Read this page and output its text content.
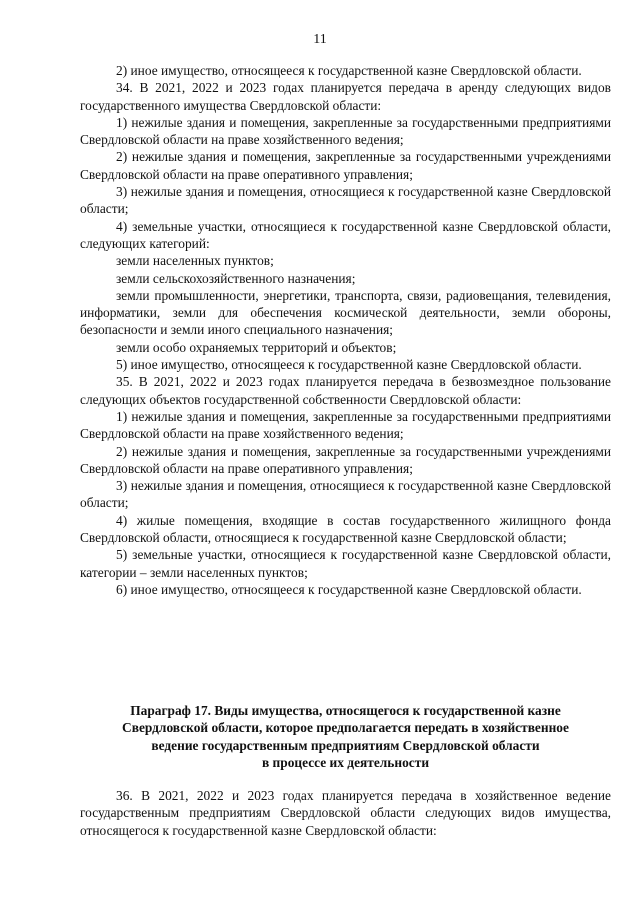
11

2) иное имущество, относящееся к государственной казне Свердловской области.

34. В 2021, 2022 и 2023 годах планируется передача в аренду следующих видов государственного имущества Свердловской области:

1) нежилые здания и помещения, закрепленные за государственными предприятиями Свердловской области на праве хозяйственного ведения;

2) нежилые здания и помещения, закрепленные за государственными учреждениями Свердловской области на праве оперативного управления;

3) нежилые здания и помещения, относящиеся к государственной казне Свердловской области;

4) земельные участки, относящиеся к государственной казне Свердловской области, следующих категорий:

земли населенных пунктов;

земли сельскохозяйственного назначения;

земли промышленности, энергетики, транспорта, связи, радиовещания, телевидения, информатики, земли для обеспечения космической деятельности, земли обороны, безопасности и земли иного специального назначения;

земли особо охраняемых территорий и объектов;

5) иное имущество, относящееся к государственной казне Свердловской области.

35. В 2021, 2022 и 2023 годах планируется передача в безвозмездное пользование следующих объектов государственной собственности Свердловской области:

1) нежилые здания и помещения, закрепленные за государственными предприятиями Свердловской области на праве хозяйственного ведения;

2) нежилые здания и помещения, закрепленные за государственными учреждениями Свердловской области на праве оперативного управления;

3) нежилые здания и помещения, относящиеся к государственной казне Свердловской области;

4) жилые помещения, входящие в состав государственного жилищного фонда Свердловской области, относящиеся к государственной казне Свердловской области;

5) земельные участки, относящиеся к государственной казне Свердловской области, категории – земли населенных пунктов;

6) иное имущество, относящееся к государственной казне Свердловской области.

Параграф 17. Виды имущества, относящегося к государственной казне
Свердловской области, которое предполагается передать в хозяйственное
ведение государственным предприятиям Свердловской области
в процессе их деятельности

36. В 2021, 2022 и 2023 годах планируется передача в хозяйственное ведение государственным предприятиям Свердловской области следующих видов имущества, относящегося к государственной казне Свердловской области:
